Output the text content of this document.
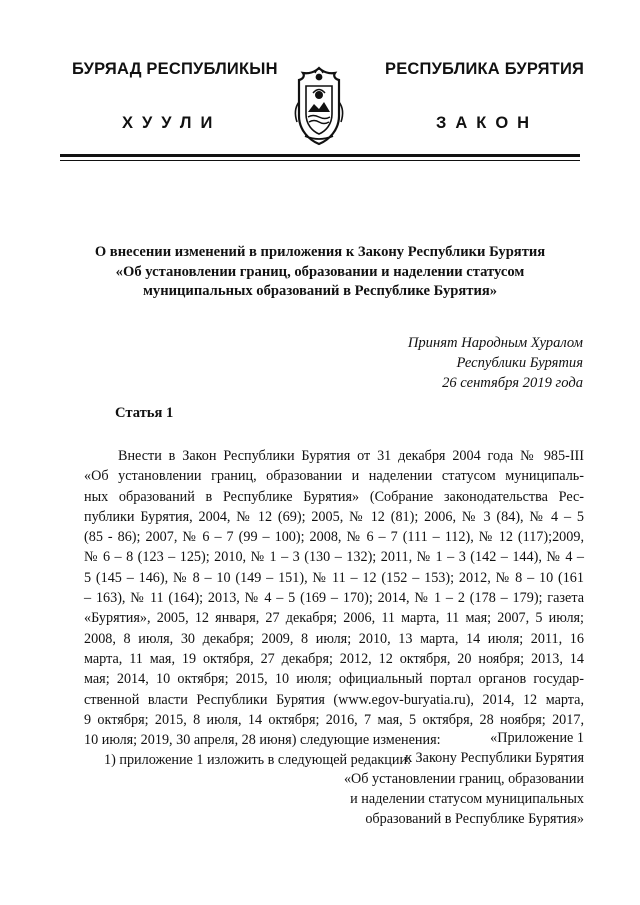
БУРЯАД РЕСПУБЛИКЫН	РЕСПУБЛИКА БУРЯТИЯ
ХУУЛИ	ЗАКОН
О внесении изменений в приложения к Закону Республики Бурятия
«Об установлении границ, образовании и наделении статусом
муниципальных образований в Республике Бурятия»
Принят Народным Хуралом
Республики Бурятия
26 сентября 2019 года
Статья 1
Внести в Закон Республики Бурятия от 31 декабря 2004 года № 985-III
«Об установлении границ, образовании и наделении статусом муниципаль-
ных образований в Республике Бурятия» (Собрание законодательства Рес-
публики Бурятия, 2004, № 12 (69); 2005, № 12 (81); 2006, № 3 (84), № 4 – 5
(85 - 86); 2007, № 6 – 7 (99 – 100); 2008, № 6 – 7 (111 – 112), № 12 (117);2009,
№ 6 – 8 (123 – 125); 2010, № 1 – 3 (130 – 132); 2011, № 1 – 3 (142 – 144), № 4 –
5 (145 – 146), № 8 – 10 (149 – 151), № 11 – 12 (152 – 153); 2012, № 8 – 10 (161
– 163), № 11 (164); 2013, № 4 – 5 (169 – 170); 2014, № 1 – 2 (178 – 179); газета
«Бурятия», 2005, 12 января, 27 декабря; 2006, 11 марта, 11 мая; 2007, 5 июля;
2008, 8 июля, 30 декабря; 2009, 8 июля; 2010, 13 марта, 14 июля; 2011, 16
марта, 11 мая, 19 октября, 27 декабря; 2012, 12 октября, 20 ноября; 2013, 14
мая; 2014, 10 октября; 2015, 10 июля; официальный портал органов государ-
ственной власти Республики Бурятия (www.egov-buryatia.ru), 2014, 12 марта,
9 октября; 2015, 8 июля, 14 октября; 2016, 7 мая, 5 октября, 28 ноября; 2017,
10 июля; 2019, 30 апреля, 28 июня) следующие изменения:
1) приложение 1 изложить в следующей редакции:
«Приложение 1
к Закону Республики Бурятия
«Об установлении границ, образовании
и наделении статусом муниципальных
образований в Республике Бурятия»
